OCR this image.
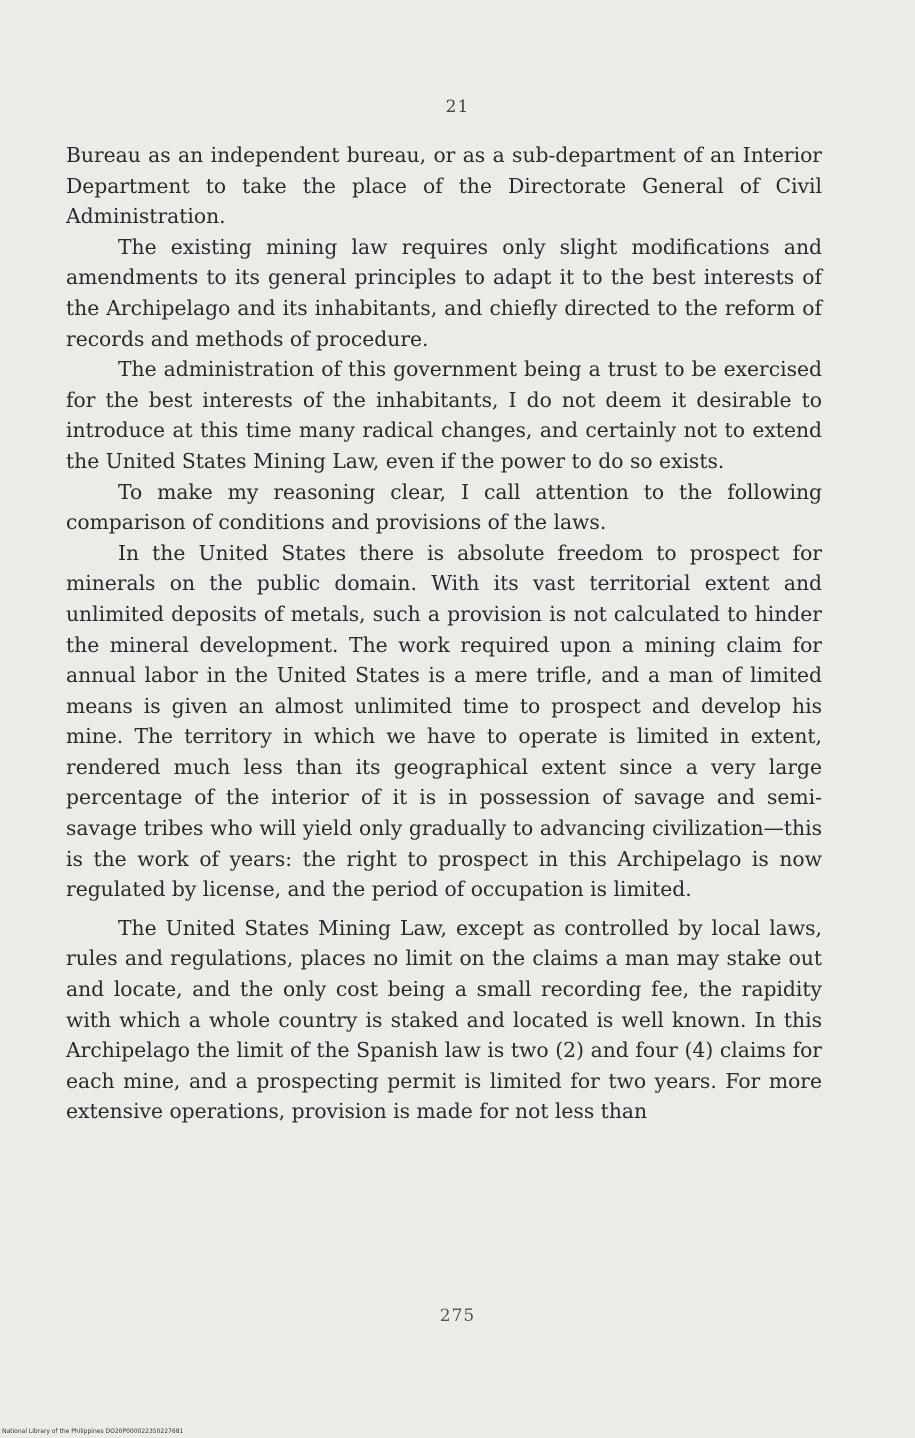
21

Bureau as an independent bureau, or as a sub-department of an Interior Department to take the place of the Directorate General of Civil Administration.

The existing mining law requires only slight modifications and amendments to its general principles to adapt it to the best interests of the Archipelago and its inhabitants, and chiefly directed to the reform of records and methods of procedure.

The administration of this government being a trust to be exercised for the best interests of the inhabitants, I do not deem it desirable to introduce at this time many radical changes, and certainly not to extend the United States Mining Law, even if the power to do so exists.

To make my reasoning clear, I call attention to the following comparison of conditions and provisions of the laws.

In the United States there is absolute freedom to prospect for minerals on the public domain. With its vast territorial extent and unlimited deposits of metals, such a provision is not calculated to hinder the mineral development. The work required upon a mining claim for annual labor in the United States is a mere trifle, and a man of limited means is given an almost unlimited time to prospect and develop his mine. The territory in which we have to operate is limited in extent, rendered much less than its geographical extent since a very large percentage of the interior of it is in possession of savage and semi-savage tribes who will yield only gradually to advancing civilization—this is the work of years: the right to prospect in this Archipelago is now regulated by license, and the period of occupation is limited.

The United States Mining Law, except as controlled by local laws, rules and regulations, places no limit on the claims a man may stake out and locate, and the only cost being a small recording fee, the rapidity with which a whole country is staked and located is well known. In this Archipelago the limit of the Spanish law is two (2) and four (4) claims for each mine, and a prospecting permit is limited for two years. For more extensive operations, provision is made for not less than

275
National Library of the Philippines DO20P000022350227681
